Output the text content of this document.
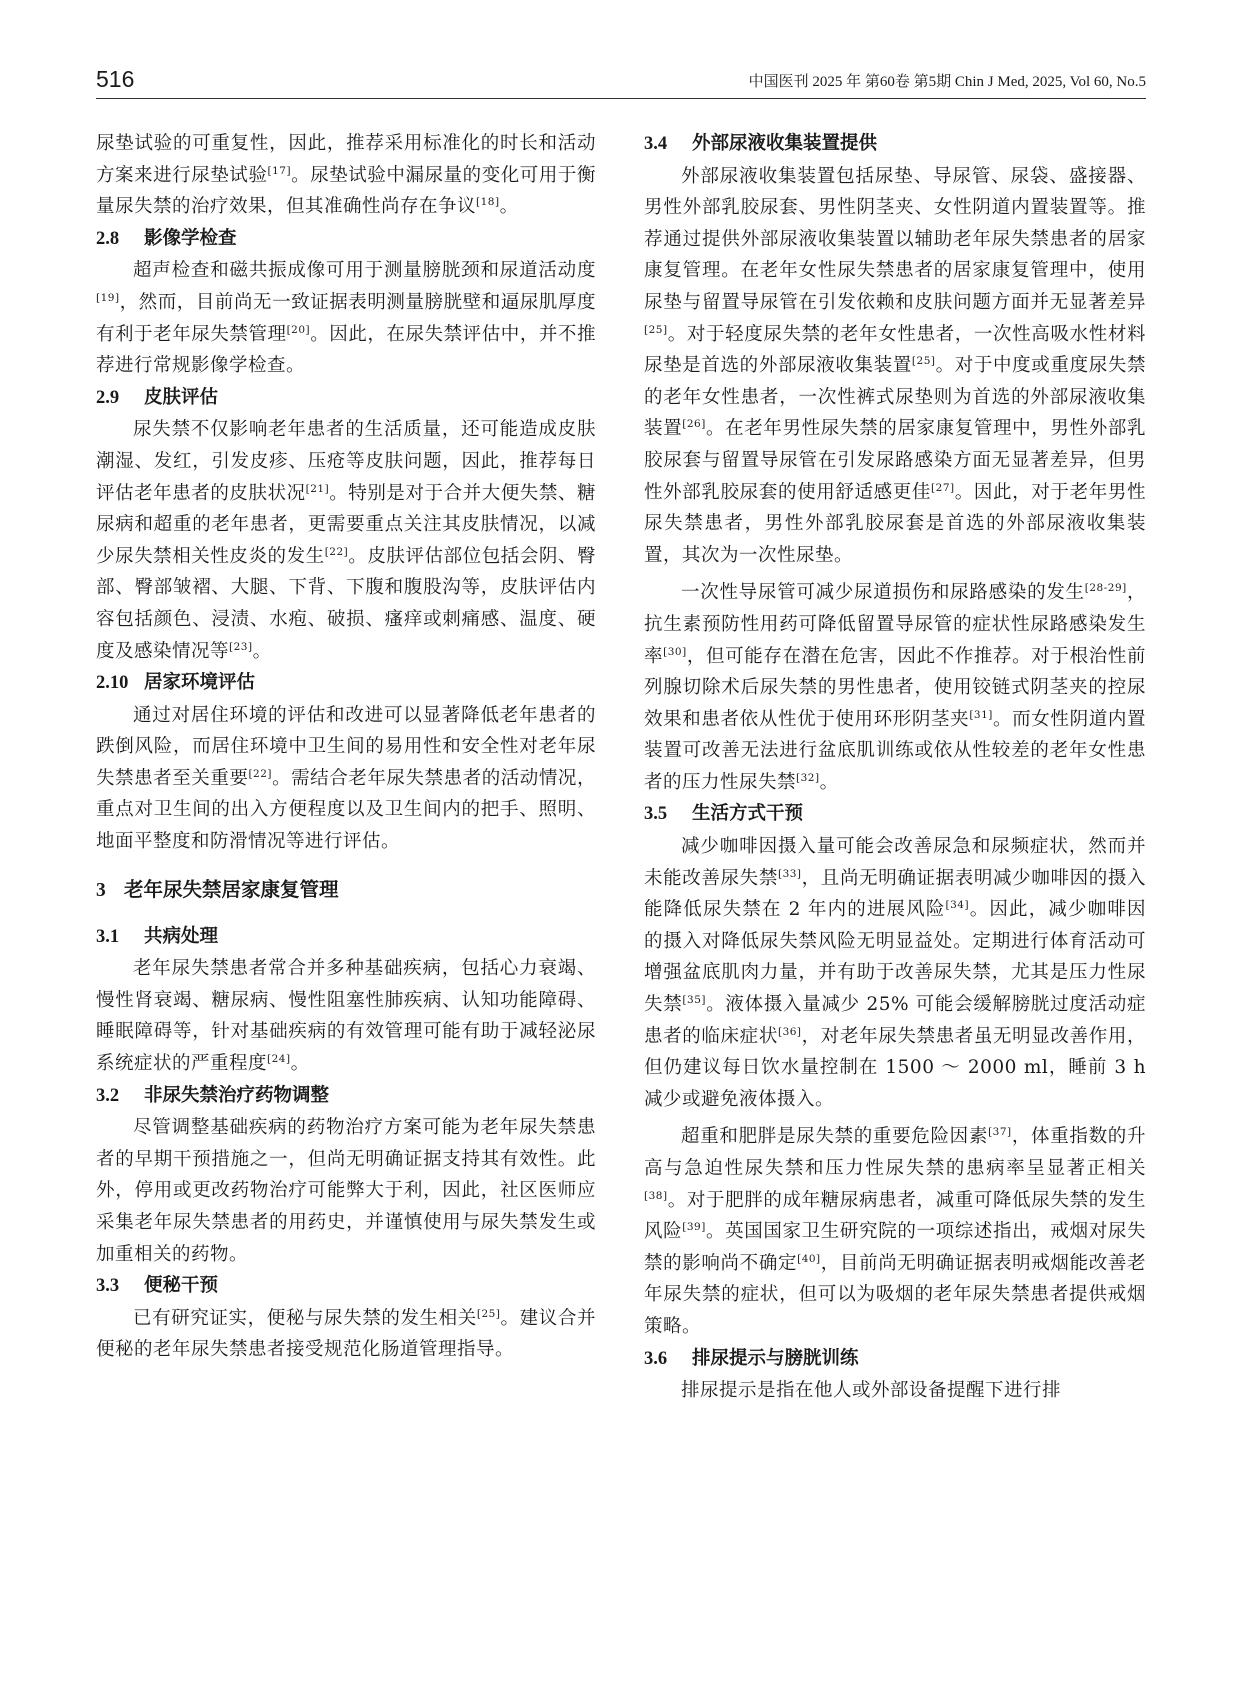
516	中国医刊 2025 年 第60卷 第5期 Chin J Med, 2025, Vol 60, No.5

尿垫试验的可重复性，因此，推荐采用标准化的时长和活动方案来进行尿垫试验[17]。尿垫试验中漏尿量的变化可用于衡量尿失禁的治疗效果，但其准确性尚存在争议[18]。

2.8 影像学检查

超声检查和磁共振成像可用于测量膀胱颈和尿道活动度[19]，然而，目前尚无一致证据表明测量膀胱壁和逼尿肌厚度有利于老年尿失禁管理[20]。因此，在尿失禁评估中，并不推荐进行常规影像学检查。

2.9 皮肤评估

尿失禁不仅影响老年患者的生活质量，还可能造成皮肤潮湿、发红，引发皮疹、压疮等皮肤问题，因此，推荐每日评估老年患者的皮肤状况[21]。特别是对于合并大便失禁、糖尿病和超重的老年患者，更需要重点关注其皮肤情况，以减少尿失禁相关性皮炎的发生[22]。皮肤评估部位包括会阴、臀部、臀部皱褶、大腿、下背、下腹和腹股沟等，皮肤评估内容包括颜色、浸渍、水疱、破损、瘙痒或刺痛感、温度、硬度及感染情况等[23]。

2.10 居家环境评估

通过对居住环境的评估和改进可以显著降低老年患者的跌倒风险，而居住环境中卫生间的易用性和安全性对老年尿失禁患者至关重要[22]。需结合老年尿失禁患者的活动情况，重点对卫生间的出入方便程度以及卫生间内的把手、照明、地面平整度和防滑情况等进行评估。

3 老年尿失禁居家康复管理
3.1 共病处理

老年尿失禁患者常合并多种基础疾病，包括心力衰竭、慢性肾衰竭、糖尿病、慢性阻塞性肺疾病、认知功能障碍、睡眠障碍等，针对基础疾病的有效管理可能有助于减轻泌尿系统症状的严重程度[24]。

3.2 非尿失禁治疗药物调整

尽管调整基础疾病的药物治疗方案可能为老年尿失禁患者的早期干预措施之一，但尚无明确证据支持其有效性。此外，停用或更改药物治疗可能弊大于利，因此，社区医师应采集老年尿失禁患者的用药史，并谨慎使用与尿失禁发生或加重相关的药物。

3.3 便秘干预

已有研究证实，便秘与尿失禁的发生相关[25]。建议合并便秘的老年尿失禁患者接受规范化肠道管理指导。

3.4 外部尿液收集装置提供

外部尿液收集装置包括尿垫、导尿管、尿袋、盛接器、男性外部乳胶尿套、男性阴茎夹、女性阴道内置装置等。推荐通过提供外部尿液收集装置以辅助老年尿失禁患者的居家康复管理。在老年女性尿失禁患者的居家康复管理中，使用尿垫与留置导尿管在引发依赖和皮肤问题方面并无显著差异[25]。对于轻度尿失禁的老年女性患者，一次性高吸水性材料尿垫是首选的外部尿液收集装置[25]。对于中度或重度尿失禁的老年女性患者，一次性裤式尿垫则为首选的外部尿液收集装置[26]。在老年男性尿失禁的居家康复管理中，男性外部乳胶尿套与留置导尿管在引发尿路感染方面无显著差异，但男性外部乳胶尿套的使用舒适感更佳[27]。因此，对于老年男性尿失禁患者，男性外部乳胶尿套是首选的外部尿液收集装置，其次为一次性尿垫。

一次性导尿管可减少尿道损伤和尿路感染的发生[28-29]，抗生素预防性用药可降低留置导尿管的症状性尿路感染发生率[30]，但可能存在潜在危害，因此不作推荐。对于根治性前列腺切除术后尿失禁的男性患者，使用铰链式阴茎夹的控尿效果和患者依从性优于使用环形阴茎夹[31]。而女性阴道内置装置可改善无法进行盆底肌训练或依从性较差的老年女性患者的压力性尿失禁[32]。

3.5 生活方式干预

减少咖啡因摄入量可能会改善尿急和尿频症状，然而并未能改善尿失禁[33]，且尚无明确证据表明减少咖啡因的摄入能降低尿失禁在 2 年内的进展风险[34]。因此，减少咖啡因的摄入对降低尿失禁风险无明显益处。定期进行体育活动可增强盆底肌肉力量，并有助于改善尿失禁，尤其是压力性尿失禁[35]。液体摄入量减少 25% 可能会缓解膀胱过度活动症患者的临床症状[36]，对老年尿失禁患者虽无明显改善作用，但仍建议每日饮水量控制在 1500 ～ 2000 ml，睡前 3 h 减少或避免液体摄入。

超重和肥胖是尿失禁的重要危险因素[37]，体重指数的升高与急迫性尿失禁和压力性尿失禁的患病率呈显著正相关[38]。对于肥胖的成年糖尿病患者，减重可降低尿失禁的发生风险[39]。英国国家卫生研究院的一项综述指出，戒烟对尿失禁的影响尚不确定[40]，目前尚无明确证据表明戒烟能改善老年尿失禁的症状，但可以为吸烟的老年尿失禁患者提供戒烟策略。

3.6 排尿提示与膀胱训练

排尿提示是指在他人或外部设备提醒下进行排
